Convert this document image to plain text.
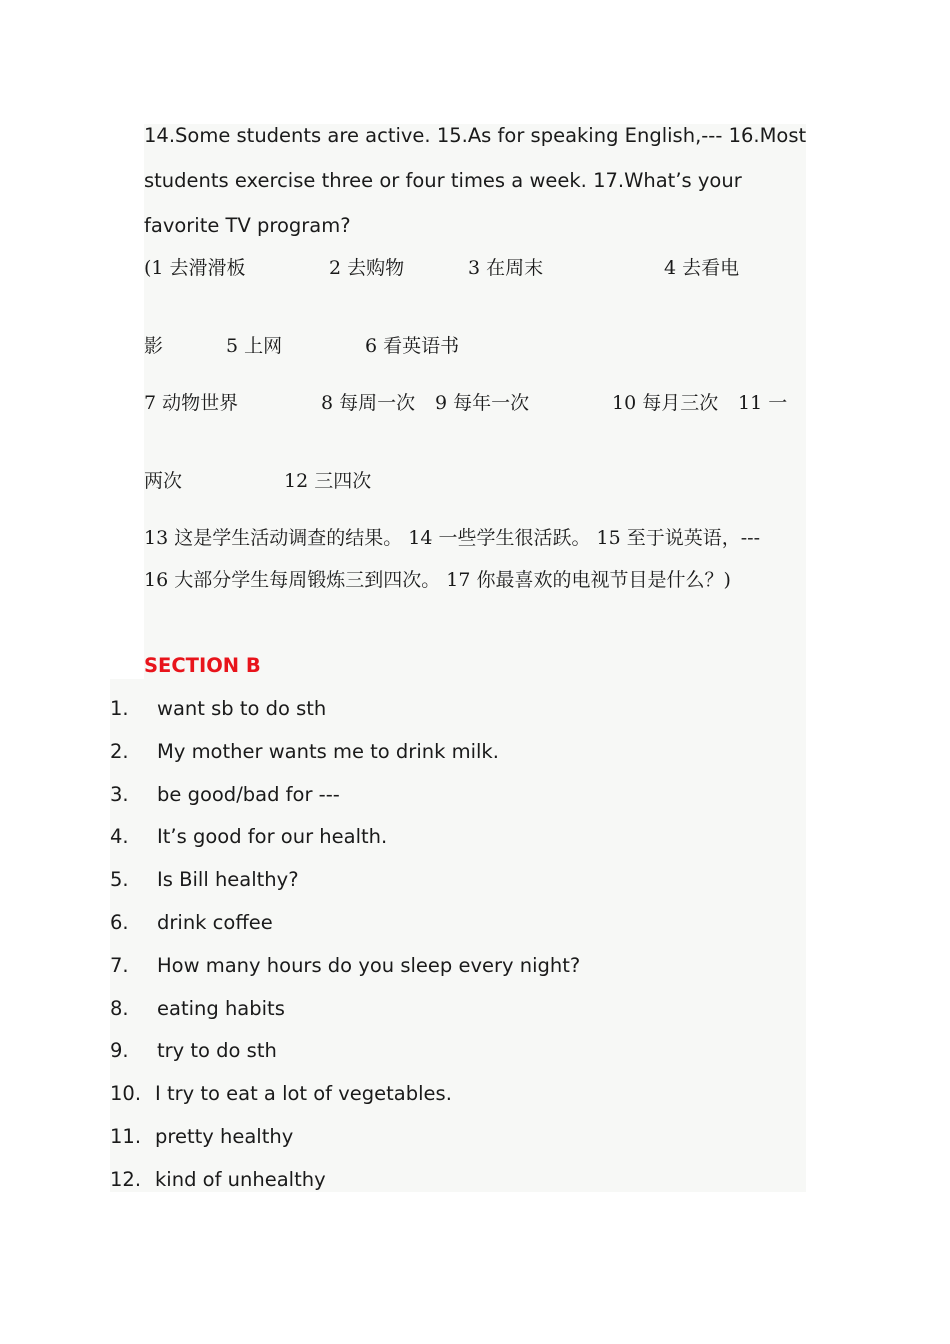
14.Some students are active. 15.As for speaking English,--- 16.Most
students exercise three or four times a week. 17.What’s your
favorite TV program?
(1 去滑滑板	2 去购物	3 在周末	4 去看电
影	5 上网	6 看英语书
7 动物世界	8 每周一次 9 每年一次	10 每月三次 11 一
两次	12 三四次
13 这是学生活动调查的结果。 14 一些学生很活跃。 15 至于说英语，---
16 大部分学生每周锻炼三到四次。 17 你最喜欢的电视节目是什么？)
SECTION B
1. want sb to do sth
2. My mother wants me to drink milk.
3. be good/bad for ---
4. It’s good for our health.
5. Is Bill healthy?
6. drink coffee
7. How many hours do you sleep every night?
8. eating habits
9. try to do sth
10. I try to eat a lot of vegetables.
11. pretty healthy
12. kind of unhealthy
